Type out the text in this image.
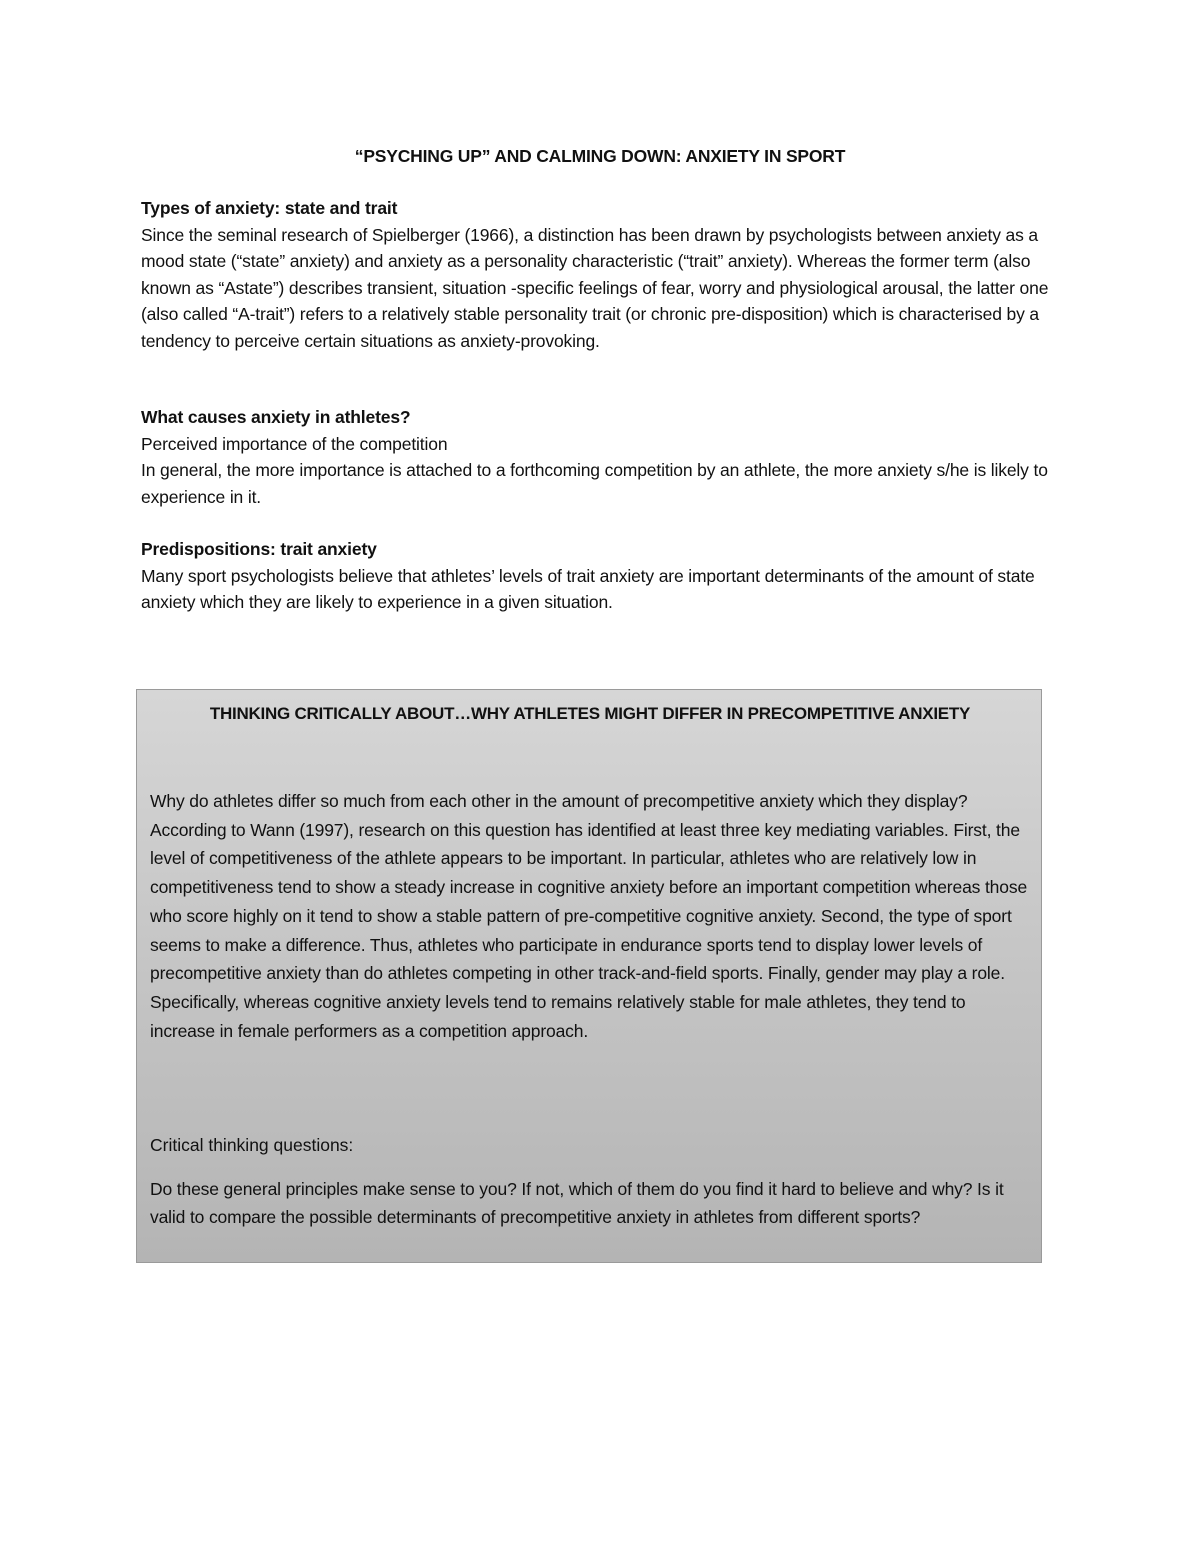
“PSYCHING UP” AND CALMING DOWN: ANXIETY IN SPORT

Types of anxiety: state and trait

Since the seminal research of Spielberger (1966), a distinction has been drawn by psychologists between anxiety as a mood state (“state” anxiety) and anxiety as a personality characteristic (“trait” anxiety). Whereas the former term (also known as “Astate”) describes transient, situation -specific feelings of fear, worry and physiological arousal, the latter one (also called “A-trait”) refers to a relatively stable personality trait (or chronic pre-disposition) which is characterised by a tendency to perceive certain situations as anxiety-provoking.

What causes anxiety in athletes?

Perceived importance of the competition

In general, the more importance is attached to a forthcoming competition by an athlete, the more anxiety s/he is likely to experience in it.

Predispositions: trait anxiety

Many sport psychologists believe that athletes’ levels of trait anxiety are important determinants of the amount of state anxiety which they are likely to experience in a given situation.

THINKING CRITICALLY ABOUT…WHY ATHLETES MIGHT DIFFER IN PRECOMPETITIVE ANXIETY

Why do athletes differ so much from each other in the amount of precompetitive anxiety which they display? According to Wann (1997), research on this question has identified at least three key mediating variables. First, the level of competitiveness of the athlete appears to be important. In particular, athletes who are relatively low in competitiveness tend to show a steady increase in cognitive anxiety before an important competition whereas those who score highly on it tend to show a stable pattern of pre-competitive cognitive anxiety. Second, the type of sport seems to make a difference. Thus, athletes who participate in endurance sports tend to display lower levels of precompetitive anxiety than do athletes competing in other track-and-field sports. Finally, gender may play a role. Specifically, whereas cognitive anxiety levels tend to remains relatively stable for male athletes, they tend to increase in female performers as a competition approach.

Critical thinking questions:

Do these general principles make sense to you? If not, which of them do you find it hard to believe and why? Is it valid to compare the possible determinants of precompetitive anxiety in athletes from different sports?
